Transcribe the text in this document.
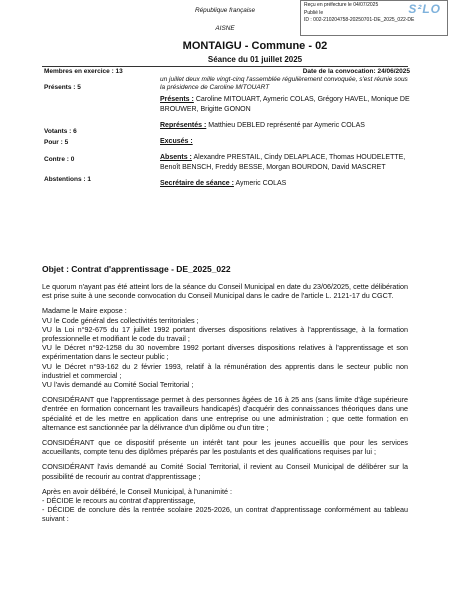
République française
AISNE
Reçu en préfecture le 04/07/2025
Publié le
ID : 002-210204758-20250701-DE_2025_022-DE
S²LO
MONTAIGU - Commune - 02
Séance du 01 juillet 2025
Membres en exercice : 13
Présents : 5
Votants : 6
Pour : 5
Contre : 0
Abstentions : 1
Date de la convocation: 24/06/2025
un juillet deux mille vingt-cinq l'assemblée régulièrement convoquée, s'est réunie sous la présidence de Caroline MITOUART
Présents : Caroline MITOUART, Aymeric COLAS, Grégory HAVEL, Monique DE BROUWER, Brigitte GONON
Représentés : Matthieu DEBLED représenté par Aymeric COLAS
Excusés :
Absents : Alexandre PRESTAIL, Cindy DELAPLACE, Thomas HOUDELETTE, Benoît BENSCH, Freddy BESSE, Morgan BOURDON, David MASCRET
Secrétaire de séance : Aymeric COLAS
Objet : Contrat d'apprentissage - DE_2025_022

Le quorum n'ayant pas été atteint lors de la séance du Conseil Municipal en date du 23/06/2025, cette délibération est prise suite à une seconde convocation du Conseil Municipal dans le cadre de l'article L. 2121-17 du CGCT.

Madame le Maire expose :
VU le Code général des collectivités territoriales ;
VU la Loi n°92-675 du 17 juillet 1992 portant diverses dispositions relatives à l'apprentissage, à la formation professionnelle et modifiant le code du travail ;
VU le Décret n°92-1258 du 30 novembre 1992 portant diverses dispositions relatives à l'apprentissage et son expérimentation dans le secteur public ;
VU le Décret n°93-162 du 2 février 1993, relatif à la rémunération des apprentis dans le secteur public non industriel et commercial ;
VU l'avis demandé au Comité Social Territorial ;

CONSIDÉRANT que l'apprentissage permet à des personnes âgées de 16 à 25 ans (sans limite d'âge supérieure d'entrée en formation concernant les travailleurs handicapés) d'acquérir des connaissances théoriques dans une spécialité et de les mettre en application dans une entreprise ou une administration ; que cette formation en alternance est sanctionnée par la délivrance d'un diplôme ou d'un titre ;

CONSIDÉRANT que ce dispositif présente un intérêt tant pour les jeunes accueillis que pour les services accueillants, compte tenu des diplômes préparés par les postulants et des qualifications requises par lui ;

CONSIDÉRANT l'avis demandé au Comité Social Territorial, il revient au Conseil Municipal de délibérer sur la possibilité de recourir au contrat d'apprentissage ;

Après en avoir délibéré, le Conseil Municipal, à l'unanimité :
- DÉCIDE le recours au contrat d'apprentissage,
- DÉCIDE de conclure dès la rentrée scolaire 2025-2026, un contrat d'apprentissage conformément au tableau suivant :
